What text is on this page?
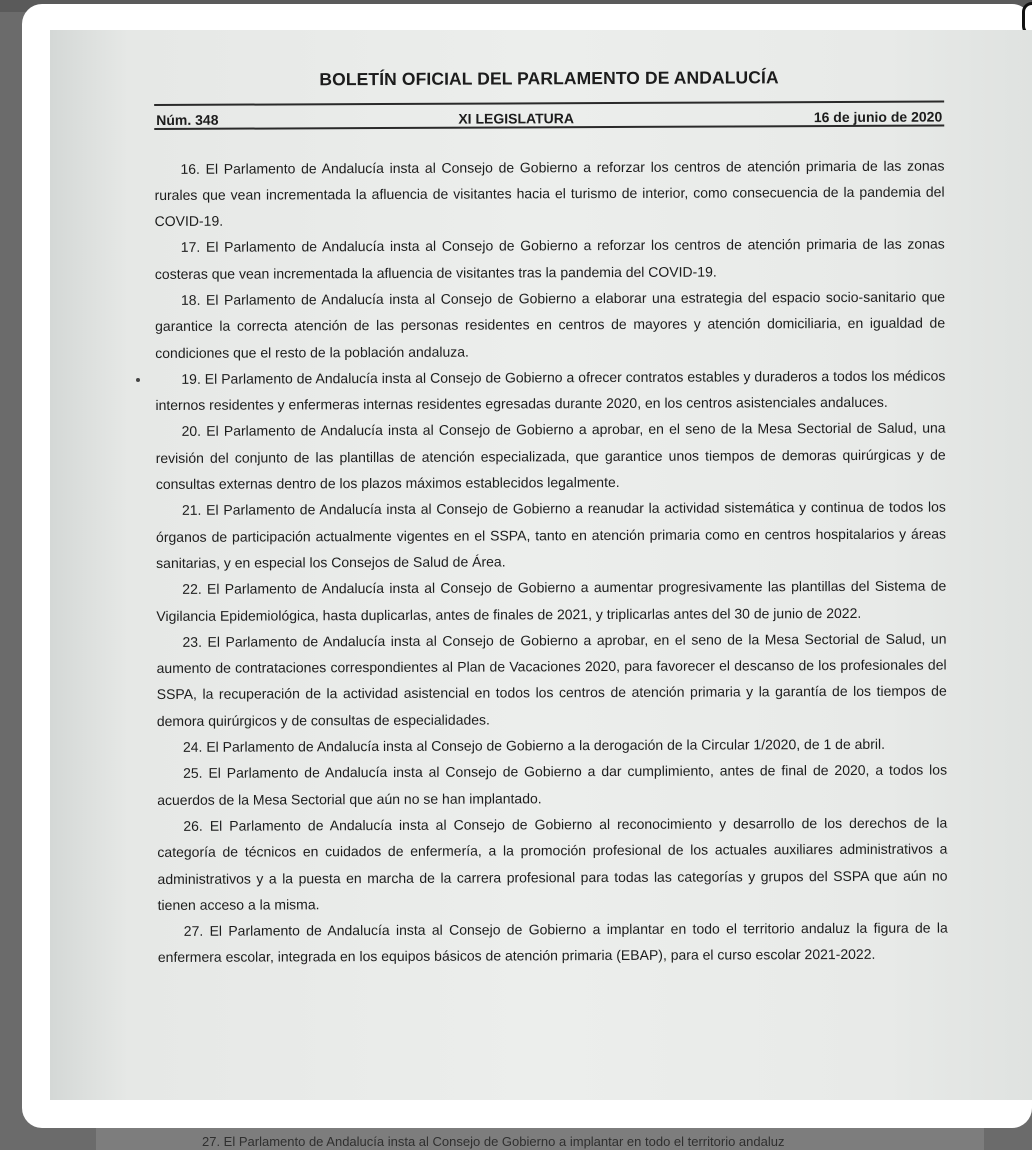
27. El Parlamento de Andalucía insta al Consejo de Gobierno a implantar en todo el territorio andaluz
BOLETÍN OFICIAL DEL PARLAMENTO DE ANDALUCÍA
Núm. 348	XI LEGISLATURA	16 de junio de 2020

16. El Parlamento de Andalucía insta al Consejo de Gobierno a reforzar los centros de atención primaria de las zonas rurales que vean incrementada la afluencia de visitantes hacia el turismo de interior, como consecuencia de la pandemia del COVID-19.

17. El Parlamento de Andalucía insta al Consejo de Gobierno a reforzar los centros de atención primaria de las zonas costeras que vean incrementada la afluencia de visitantes tras la pandemia del COVID-19.

18. El Parlamento de Andalucía insta al Consejo de Gobierno a elaborar una estrategia del espacio socio-sanitario que garantice la correcta atención de las personas residentes en centros de mayores y atención domiciliaria, en igualdad de condiciones que el resto de la población andaluza.

19. El Parlamento de Andalucía insta al Consejo de Gobierno a ofrecer contratos estables y duraderos a todos los médicos internos residentes y enfermeras internas residentes egresadas durante 2020, en los centros asistenciales andaluces.

20. El Parlamento de Andalucía insta al Consejo de Gobierno a aprobar, en el seno de la Mesa Sectorial de Salud, una revisión del conjunto de las plantillas de atención especializada, que garantice unos tiempos de demoras quirúrgicas y de consultas externas dentro de los plazos máximos establecidos legalmente.

21. El Parlamento de Andalucía insta al Consejo de Gobierno a reanudar la actividad sistemática y continua de todos los órganos de participación actualmente vigentes en el SSPA, tanto en atención primaria como en centros hospitalarios y áreas sanitarias, y en especial los Consejos de Salud de Área.

22. El Parlamento de Andalucía insta al Consejo de Gobierno a aumentar progresivamente las plantillas del Sistema de Vigilancia Epidemiológica, hasta duplicarlas, antes de finales de 2021, y triplicarlas antes del 30 de junio de 2022.

23. El Parlamento de Andalucía insta al Consejo de Gobierno a aprobar, en el seno de la Mesa Sectorial de Salud, un aumento de contrataciones correspondientes al Plan de Vacaciones 2020, para favorecer el descanso de los profesionales del SSPA, la recuperación de la actividad asistencial en todos los centros de atención primaria y la garantía de los tiempos de demora quirúrgicos y de consultas de especialidades.

24. El Parlamento de Andalucía insta al Consejo de Gobierno a la derogación de la Circular 1/2020, de 1 de abril.

25. El Parlamento de Andalucía insta al Consejo de Gobierno a dar cumplimiento, antes de final de 2020, a todos los acuerdos de la Mesa Sectorial que aún no se han implantado.

26. El Parlamento de Andalucía insta al Consejo de Gobierno al reconocimiento y desarrollo de los derechos de la categoría de técnicos en cuidados de enfermería, a la promoción profesional de los actuales auxiliares administrativos a administrativos y a la puesta en marcha de la carrera profesional para todas las categorías y grupos del SSPA que aún no tienen acceso a la misma.

27. El Parlamento de Andalucía insta al Consejo de Gobierno a implantar en todo el territorio andaluz la figura de la enfermera escolar, integrada en los equipos básicos de atención primaria (EBAP), para el curso escolar 2021-2022.
